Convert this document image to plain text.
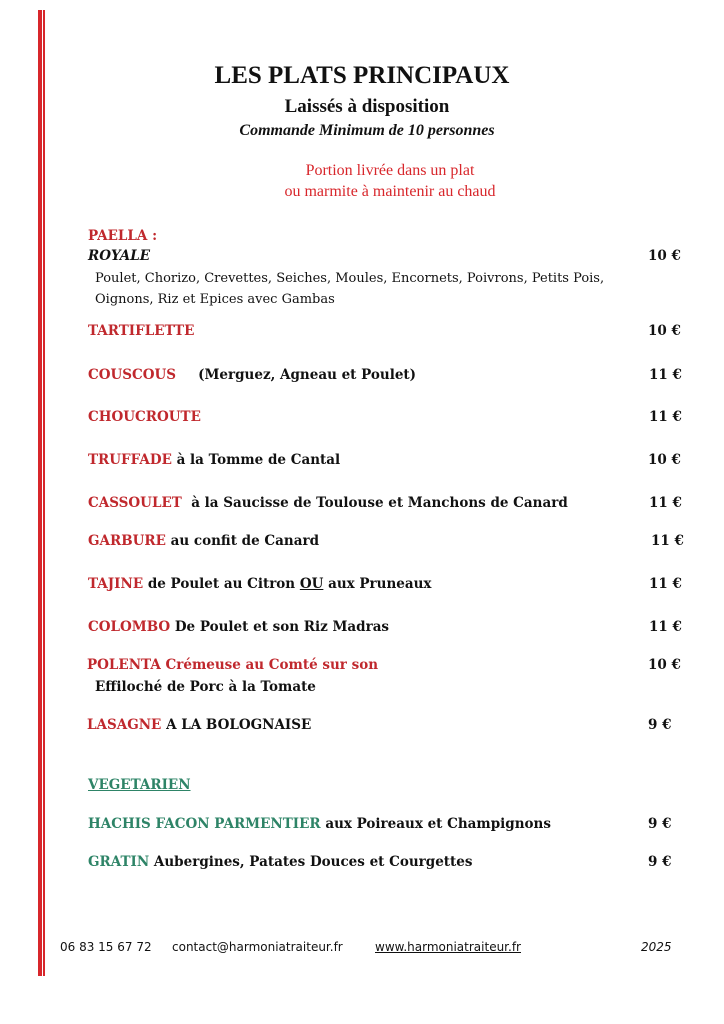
LES PLATS PRINCIPAUX
Laissés à disposition
Commande Minimum de 10 personnes
Portion livrée dans un plat
ou marmite à maintenir au chaud
PAELLA :
ROYALE	10 €
Poulet, Chorizo, Crevettes, Seiches, Moules, Encornets, Poivrons, Petits Pois,
Oignons, Riz et Epices avec Gambas
TARTIFLETTE	10 €
COUSCOUS (Merguez, Agneau et Poulet)	11 €
CHOUCROUTE	11 €
TRUFFADE à la Tomme de Cantal	10 €
CASSOULET à la Saucisse de Toulouse et Manchons de Canard	11 €
GARBURE au confit de Canard	11 €
TAJINE de Poulet au Citron OU aux Pruneaux	11 €
COLOMBO De Poulet et son Riz Madras	11 €
POLENTA Crémeuse au Comté sur son	10 €
Effiloché de Porc à la Tomate
LASAGNE A LA BOLOGNAISE	9 €
VEGETARIEN
HACHIS FACON PARMENTIER aux Poireaux et Champignons	9 €
GRATIN Aubergines, Patates Douces et Courgettes	9 €
06 83 15 67 72 contact@harmoniatraiteur.fr	www.harmoniatraiteur.fr	2025
